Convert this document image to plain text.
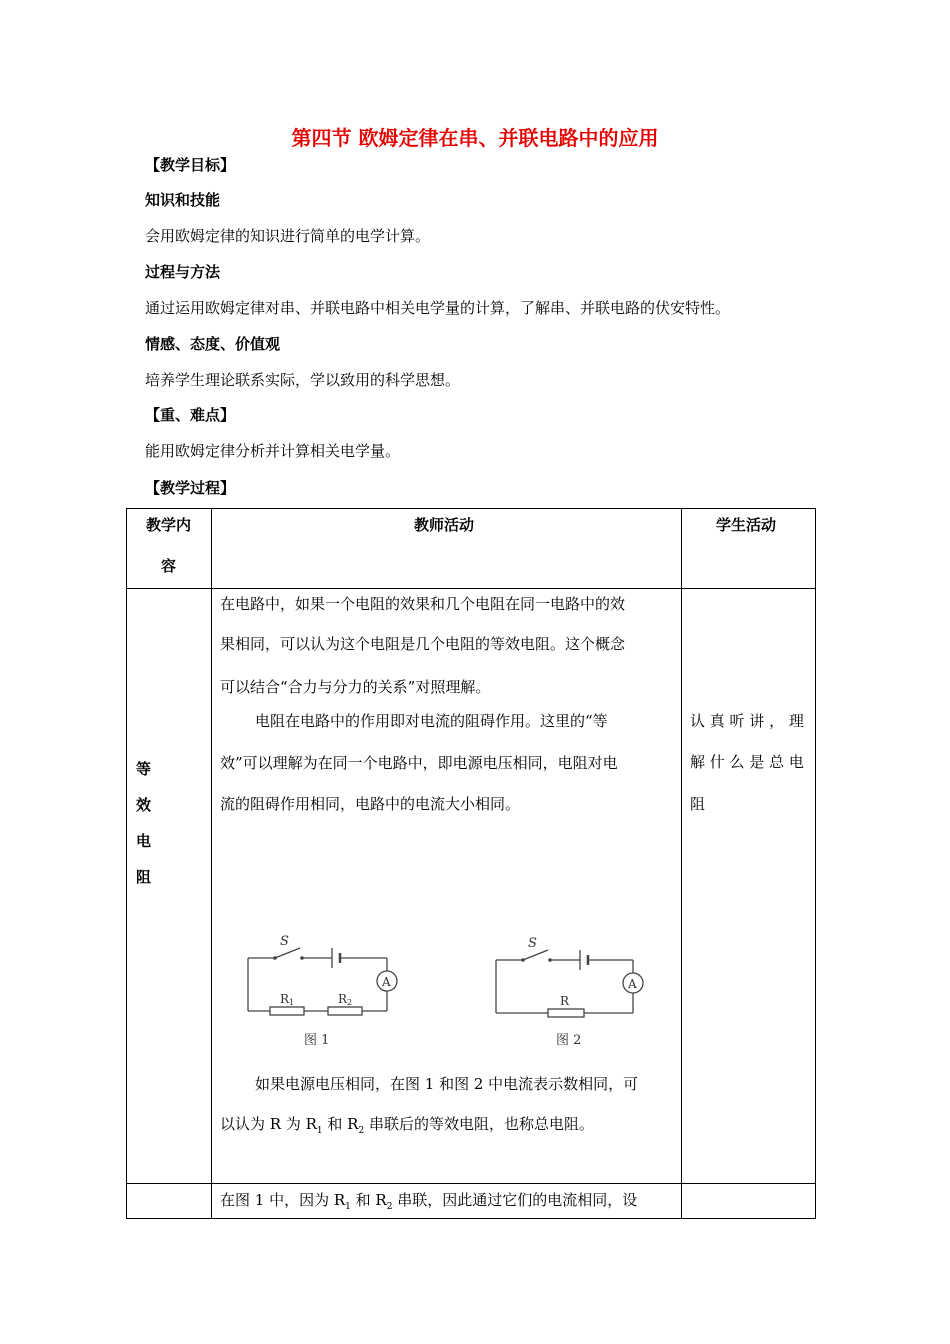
第四节 欧姆定律在串、并联电路中的应用
【教学目标】
知识和技能
会用欧姆定律的知识进行简单的电学计算。
过程与方法
通过运用欧姆定律对串、并联电路中相关电学量的计算，了解串、并联电路的伏安特性。
情感、态度、价值观
培养学生理论联系实际，学以致用的科学思想。
【重、难点】
能用欧姆定律分析并计算相关电学量。
【教学过程】
教学内
容
教师活动	学生活动
等
效
电
阻
在电路中，如果一个电阻的效果和几个电阻在同一电路中的效
果相同，可以认为这个电阻是几个电阻的等效电阻。这个概念
可以结合“合力与分力的关系”对照理解。
电阻在电路中的作用即对电流的阻碍作用。这里的“等
效”可以理解为在同一个电路中，即电源电压相同，电阻对电
流的阻碍作用相同，电路中的电流大小相同。
S
A
R1	R2
图 1
S
A
R
图 2
如果电源电压相同，在图 1 和图 2 中电流表示数相同，可
以认为 R 为 $R_1$ 和 $R_2$ 串联后的等效电阻，也称总电阻。
认 真 听 讲 ， 理
解 什 么 是 总 电
阻
在图 1 中，因为 $R_1$ 和 $R_2$ 串联，因此通过它们的电流相同，设
